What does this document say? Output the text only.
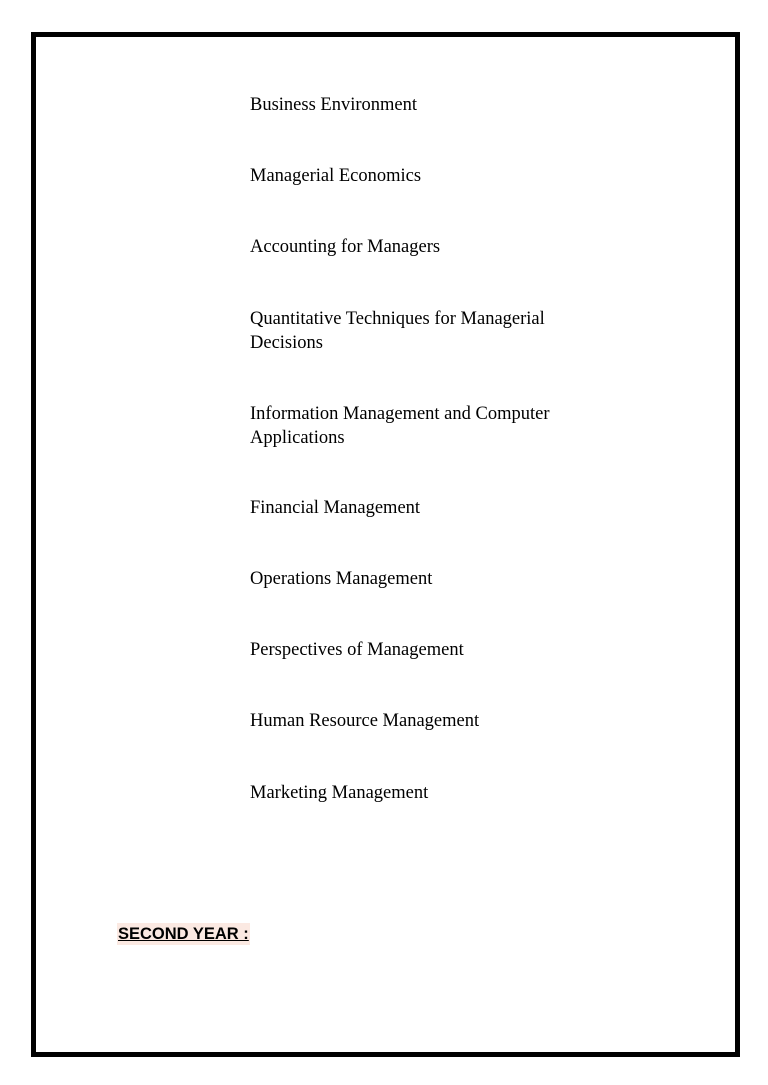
Business Environment
Managerial Economics
Accounting for Managers
Quantitative Techniques for Managerial Decisions
Information Management and Computer Applications
Financial Management
Operations Management
Perspectives of Management
Human Resource Management
Marketing Management
SECOND YEAR :
